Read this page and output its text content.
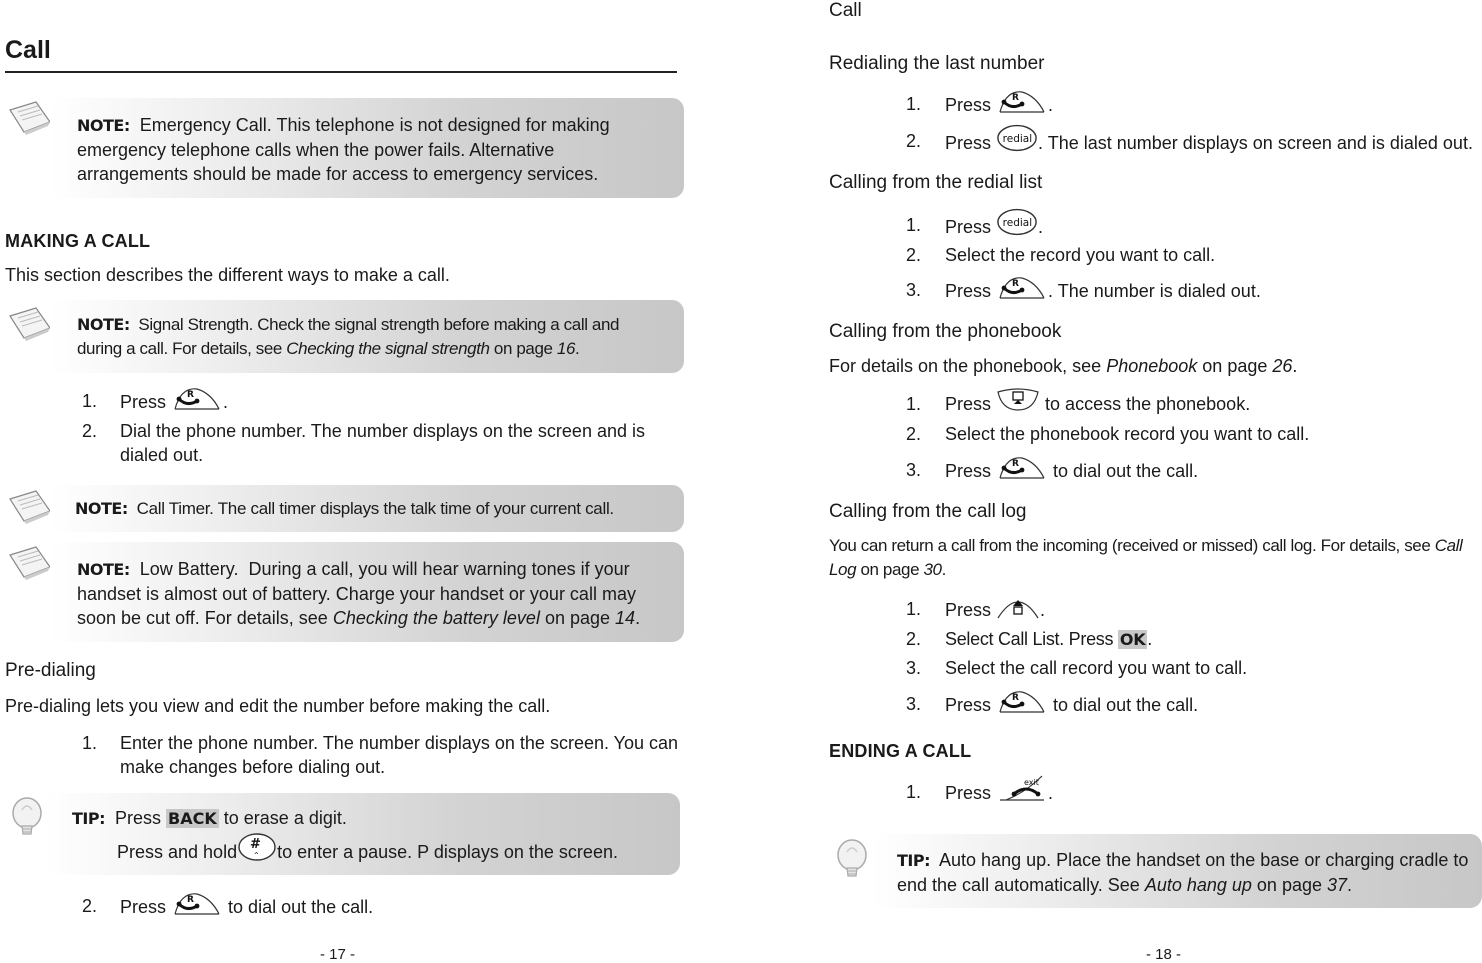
Call
NOTE: Emergency Call. This telephone is not designed for making emergency telephone calls when the power fails. Alternative arrangements should be made for access to emergency services.
MAKING A CALL
This section describes the different ways to make a call.
NOTE: Signal Strength. Check the signal strength before making a call and during a call. For details, see Checking the signal strength on page 16.
1.	Press	.
2.	Dial the phone number. The number displays on the screen and is dialed out.
NOTE: Call Timer. The call timer displays the talk time of your current call.
NOTE: Low Battery. During a call, you will hear warning tones if your handset is almost out of battery. Charge your handset or your call may soon be cut off. For details, see Checking the battery level on page 14.
Pre-dialing
Pre-dialing lets you view and edit the number before making the call.
1.	Enter the phone number. The number displays on the screen. You can make changes before dialing out.
TIP: Press BACK to erase a digit.
Press and hold to enter a pause. P displays on the screen.
2.	Press	to dial out the call.
- 17 -
Call
Redialing the last number
1.	Press	.
2.	Press	. The last number displays on screen and is dialed out.
Calling from the redial list
1.	Press	.
2.	Select the record you want to call.
3.	Press	. The number is dialed out.
Calling from the phonebook
For details on the phonebook, see Phonebook on page 26.
1.	Press	to access the phonebook.
2.	Select the phonebook record you want to call.
3.	Press	to dial out the call.
Calling from the call log
You can return a call from the incoming (received or missed) call log. For details, see Call Log on page 30.
1.	Press	.
2.	Select Call List. Press OK .
3.	Select the call record you want to call.
3.	Press	to dial out the call.
ENDING A CALL
1.	Press	.
TIP: Auto hang up. Place the handset on the base or charging cradle to end the call automatically. See Auto hang up on page 37.
- 18 -
